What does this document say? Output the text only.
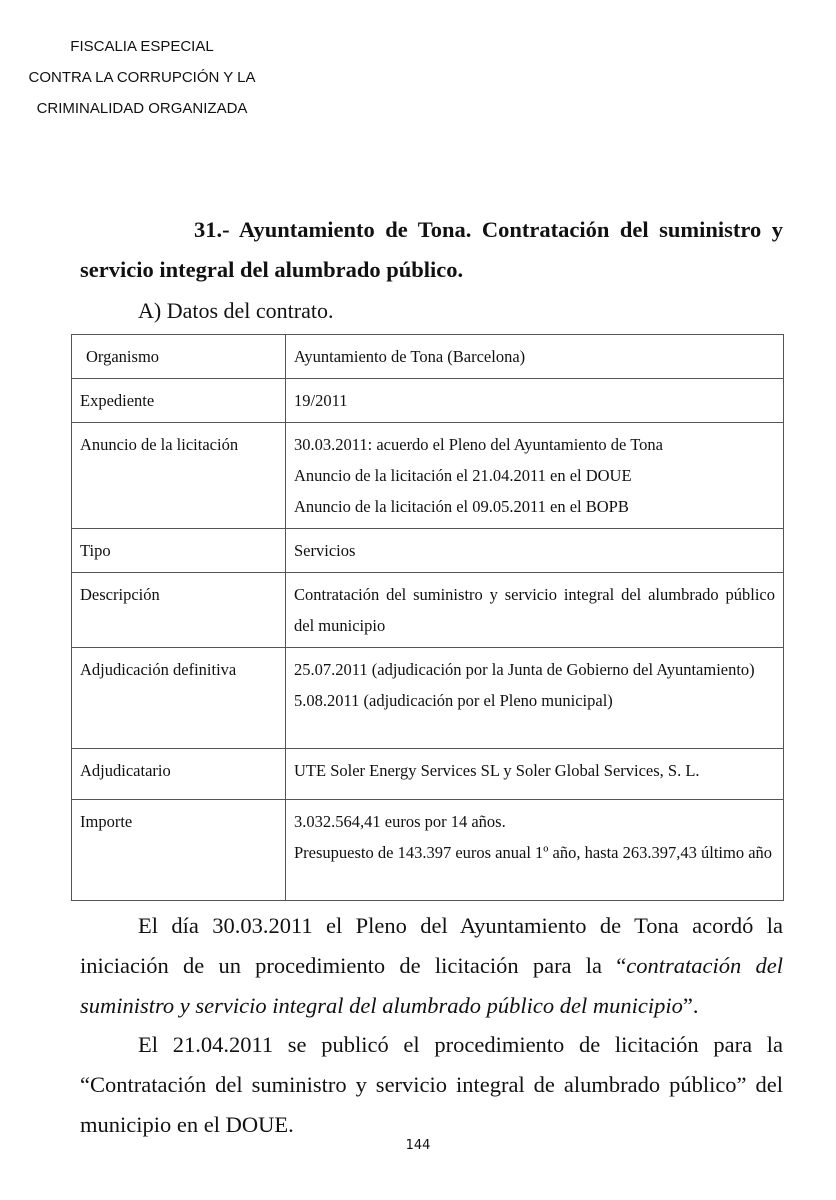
FISCALIA ESPECIAL
CONTRA LA CORRUPCIÓN Y LA
CRIMINALIDAD ORGANIZADA
31.- Ayuntamiento de Tona. Contratación del suministro y servicio integral del alumbrado público.
A) Datos del contrato.
Organismo	Ayuntamiento de Tona (Barcelona)

Expediente	19/2011

Anuncio de la licitación	30.03.2011: acuerdo el Pleno del Ayuntamiento de Tona
Anuncio de la licitación el 21.04.2011 en el DOUE
Anuncio de la licitación el 09.05.2011 en el BOPB

Tipo	Servicios

Descripción	Contratación del suministro y servicio integral del alumbrado público del municipio

Adjudicación definitiva	25.07.2011 (adjudicación por la Junta de Gobierno del Ayuntamiento)
5.08.2011 (adjudicación por el Pleno municipal)

Adjudicatario	UTE Soler Energy Services SL y Soler Global Services, S. L.

Importe	3.032.564,41 euros por 14 años.
Presupuesto de 143.397 euros anual 1º año, hasta 263.397,43 último año
El día 30.03.2011 el Pleno del Ayuntamiento de Tona acordó la iniciación de un procedimiento de licitación para la “contratación del suministro y servicio integral del alumbrado público del municipio”.
El 21.04.2011 se publicó el procedimiento de licitación para la “Contratación del suministro y servicio integral de alumbrado público” del municipio en el DOUE.
144
